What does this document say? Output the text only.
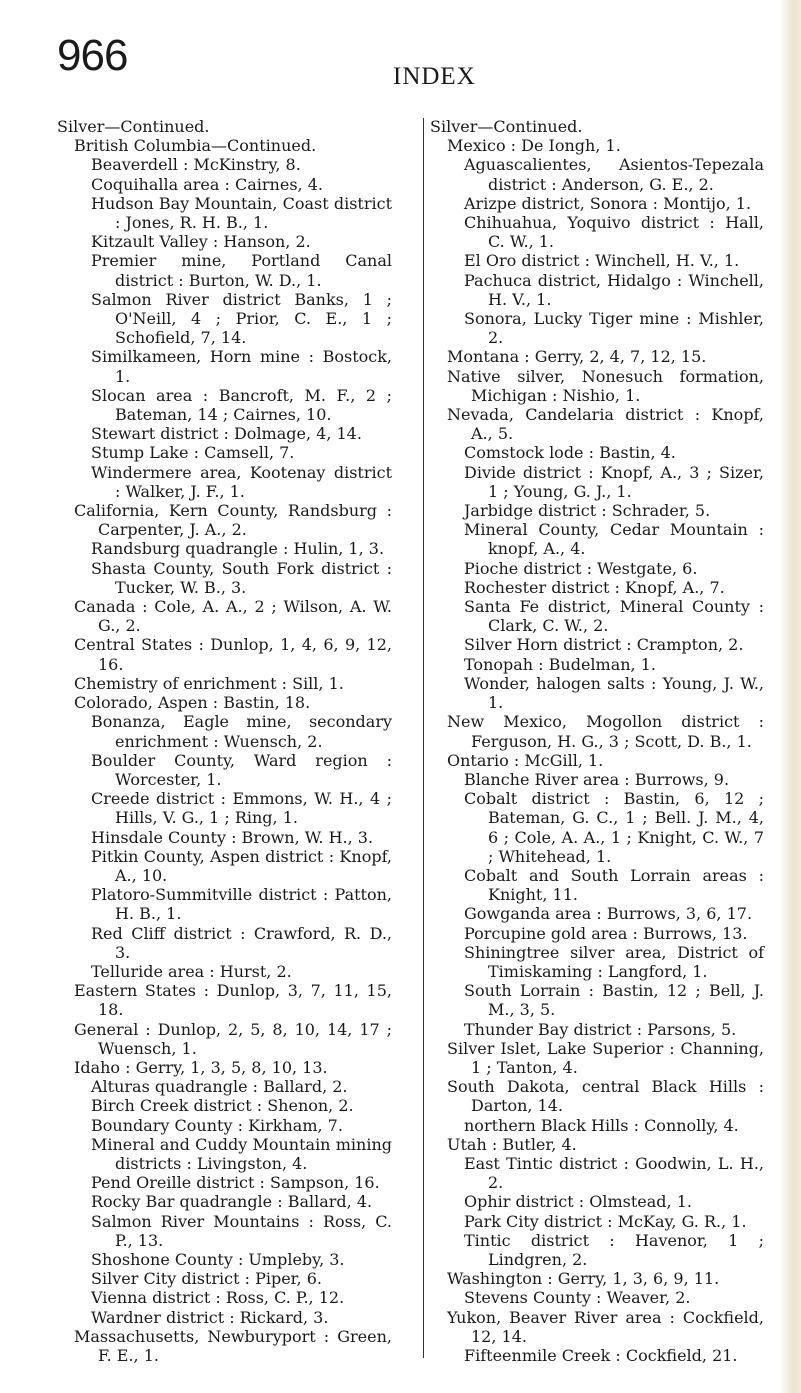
966	INDEX

Silver—Continued.

British Columbia—Continued.

Beaverdell : McKinstry, 8.

Coquihalla area : Cairnes, 4.

Hudson Bay Mountain, Coast district : Jones, R. H. B., 1.

Kitzault Valley : Hanson, 2.

Premier mine, Portland Canal district : Burton, W. D., 1.

Salmon River district Banks, 1 ; O'Neill, 4 ; Prior, C. E., 1 ; Schofield, 7, 14.

Similkameen, Horn mine : Bostock, 1.

Slocan area : Bancroft, M. F., 2 ; Bateman, 14 ; Cairnes, 10.

Stewart district : Dolmage, 4, 14.

Stump Lake : Camsell, 7.

Windermere area, Kootenay district : Walker, J. F., 1.

California, Kern County, Randsburg : Carpenter, J. A., 2.

Randsburg quadrangle : Hulin, 1, 3.

Shasta County, South Fork district : Tucker, W. B., 3.

Canada : Cole, A. A., 2 ; Wilson, A. W. G., 2.

Central States : Dunlop, 1, 4, 6, 9, 12, 16.

Chemistry of enrichment : Sill, 1.

Colorado, Aspen : Bastin, 18.

Bonanza, Eagle mine, secondary enrichment : Wuensch, 2.

Boulder County, Ward region : Worcester, 1.

Creede district : Emmons, W. H., 4 ; Hills, V. G., 1 ; Ring, 1.

Hinsdale County : Brown, W. H., 3.

Pitkin County, Aspen district : Knopf, A., 10.

Platoro-Summitville district : Patton, H. B., 1.

Red Cliff district : Crawford, R. D., 3.

Telluride area : Hurst, 2.

Eastern States : Dunlop, 3, 7, 11, 15, 18.

General : Dunlop, 2, 5, 8, 10, 14, 17 ; Wuensch, 1.

Idaho : Gerry, 1, 3, 5, 8, 10, 13.

Alturas quadrangle : Ballard, 2.

Birch Creek district : Shenon, 2.

Boundary County : Kirkham, 7.

Mineral and Cuddy Mountain mining districts : Livingston, 4.

Pend Oreille district : Sampson, 16.

Rocky Bar quadrangle : Ballard, 4.

Salmon River Mountains : Ross, C. P., 13.

Shoshone County : Umpleby, 3.

Silver City district : Piper, 6.

Vienna district : Ross, C. P., 12.

Wardner district : Rickard, 3.

Massachusetts, Newburyport : Green, F. E., 1.

Silver—Continued.

Mexico : De Iongh, 1.

Aguascalientes, Asientos-Tepezala district : Anderson, G. E., 2.

Arizpe district, Sonora : Montijo, 1.

Chihuahua, Yoquivo district : Hall, C. W., 1.

El Oro district : Winchell, H. V., 1.

Pachuca district, Hidalgo : Winchell, H. V., 1.

Sonora, Lucky Tiger mine : Mishler, 2.

Montana : Gerry, 2, 4, 7, 12, 15.

Native silver, Nonesuch formation, Michigan : Nishio, 1.

Nevada, Candelaria district : Knopf, A., 5.

Comstock lode : Bastin, 4.

Divide district : Knopf, A., 3 ; Sizer, 1 ; Young, G. J., 1.

Jarbidge district : Schrader, 5.

Mineral County, Cedar Mountain : knopf, A., 4.

Pioche district : Westgate, 6.

Rochester district : Knopf, A., 7.

Santa Fe district, Mineral County : Clark, C. W., 2.

Silver Horn district : Crampton, 2.

Tonopah : Budelman, 1.

Wonder, halogen salts : Young, J. W., 1.

New Mexico, Mogollon district : Ferguson, H. G., 3 ; Scott, D. B., 1.

Ontario : McGill, 1.

Blanche River area : Burrows, 9.

Cobalt district : Bastin, 6, 12 ; Bateman, G. C., 1 ; Bell. J. M., 4, 6 ; Cole, A. A., 1 ; Knight, C. W., 7 ; Whitehead, 1.

Cobalt and South Lorrain areas : Knight, 11.

Gowganda area : Burrows, 3, 6, 17.

Porcupine gold area : Burrows, 13.

Shiningtree silver area, District of Timiskaming : Langford, 1.

South Lorrain : Bastin, 12 ; Bell, J. M., 3, 5.

Thunder Bay district : Parsons, 5.

Silver Islet, Lake Superior : Channing, 1 ; Tanton, 4.

South Dakota, central Black Hills : Darton, 14.

northern Black Hills : Connolly, 4.

Utah : Butler, 4.

East Tintic district : Goodwin, L. H., 2.

Ophir district : Olmstead, 1.

Park City district : McKay, G. R., 1.

Tintic district : Havenor, 1 ; Lindgren, 2.

Washington : Gerry, 1, 3, 6, 9, 11.

Stevens County : Weaver, 2.

Yukon, Beaver River area : Cockfield, 12, 14.

Fifteenmile Creek : Cockfield, 21.
